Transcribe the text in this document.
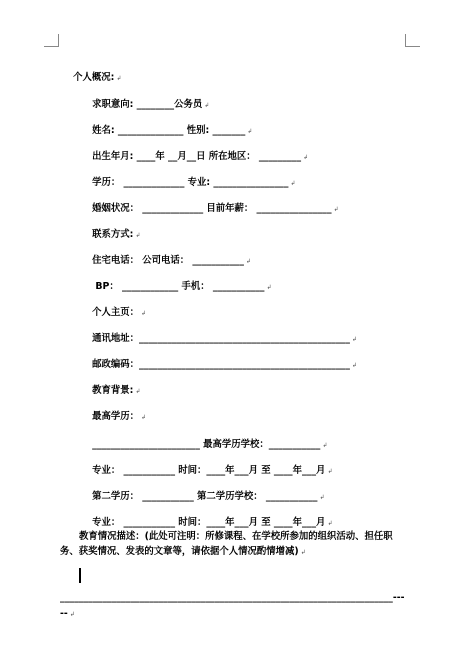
个人概况: ↲

求职意向: ________公务员 ↲

姓名: ______________ 性别: _______ ↲

出生年月: ____年 __月__日 所在地区： _________ ↲

学历： _____________ 专业: ________________ ↲

婚姻状况： _____________ 目前年薪： ________________ ↲

联系方式: ↲

住宅电话： 公司电话： ___________ ↲

BP： ____________ 手机： ___________ ↲

个人主页： ↲

通讯地址：_____________________________________________ ↲

邮政编码：_____________________________________________ ↲

教育背景: ↲

最高学历： ↲

_______________________ 最高学历学校：___________ ↲

专业： ___________ 时间：____年___月 至 ____年___月 ↲

第二学历： ___________ 第二学历学校： ___________ ↲

专业： ___________ 时间：____年___月 至 ____年___月 ↲

教育情况描述：(此处可注明：所修课程、在学校所参加的组织活动、担任职务、获奖情况、发表的文章等，请依据个人情况酌情增减) ↲
_______________________________________________________________________----- ↲
